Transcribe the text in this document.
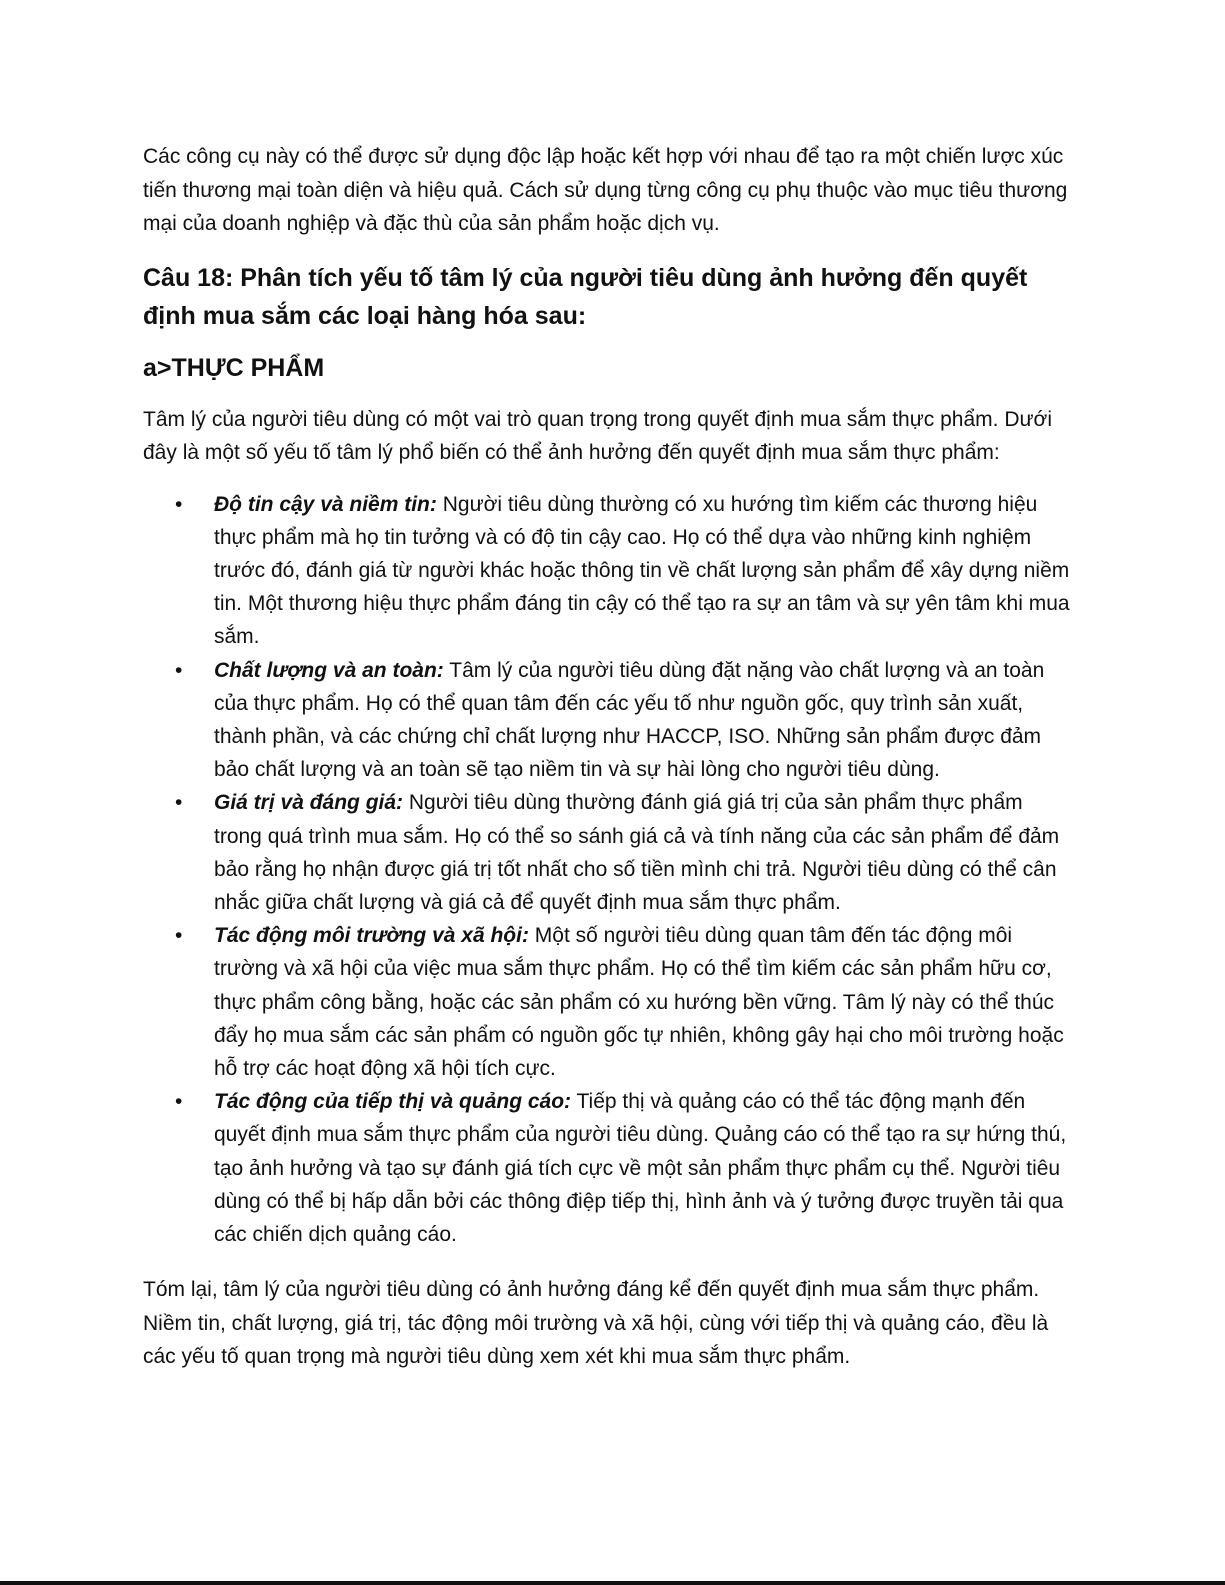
Các công cụ này có thể được sử dụng độc lập hoặc kết hợp với nhau để tạo ra một chiến lược xúc tiến thương mại toàn diện và hiệu quả. Cách sử dụng từng công cụ phụ thuộc vào mục tiêu thương mại của doanh nghiệp và đặc thù của sản phẩm hoặc dịch vụ.

Câu 18: Phân tích yếu tố tâm lý của người tiêu dùng ảnh hưởng đến quyết định mua sắm các loại hàng hóa sau:
a>THỰC PHẨM

Tâm lý của người tiêu dùng có một vai trò quan trọng trong quyết định mua sắm thực phẩm. Dưới đây là một số yếu tố tâm lý phổ biến có thể ảnh hưởng đến quyết định mua sắm thực phẩm:

• Độ tin cậy và niềm tin: Người tiêu dùng thường có xu hướng tìm kiếm các thương hiệu thực phẩm mà họ tin tưởng và có độ tin cậy cao. Họ có thể dựa vào những kinh nghiệm trước đó, đánh giá từ người khác hoặc thông tin về chất lượng sản phẩm để xây dựng niềm tin. Một thương hiệu thực phẩm đáng tin cậy có thể tạo ra sự an tâm và sự yên tâm khi mua sắm.
• Chất lượng và an toàn: Tâm lý của người tiêu dùng đặt nặng vào chất lượng và an toàn của thực phẩm. Họ có thể quan tâm đến các yếu tố như nguồn gốc, quy trình sản xuất, thành phần, và các chứng chỉ chất lượng như HACCP, ISO. Những sản phẩm được đảm bảo chất lượng và an toàn sẽ tạo niềm tin và sự hài lòng cho người tiêu dùng.
• Giá trị và đáng giá: Người tiêu dùng thường đánh giá giá trị của sản phẩm thực phẩm trong quá trình mua sắm. Họ có thể so sánh giá cả và tính năng của các sản phẩm để đảm bảo rằng họ nhận được giá trị tốt nhất cho số tiền mình chi trả. Người tiêu dùng có thể cân nhắc giữa chất lượng và giá cả để quyết định mua sắm thực phẩm.
• Tác động môi trường và xã hội: Một số người tiêu dùng quan tâm đến tác động môi trường và xã hội của việc mua sắm thực phẩm. Họ có thể tìm kiếm các sản phẩm hữu cơ, thực phẩm công bằng, hoặc các sản phẩm có xu hướng bền vững. Tâm lý này có thể thúc đẩy họ mua sắm các sản phẩm có nguồn gốc tự nhiên, không gây hại cho môi trường hoặc hỗ trợ các hoạt động xã hội tích cực.
• Tác động của tiếp thị và quảng cáo: Tiếp thị và quảng cáo có thể tác động mạnh đến quyết định mua sắm thực phẩm của người tiêu dùng. Quảng cáo có thể tạo ra sự hứng thú, tạo ảnh hưởng và tạo sự đánh giá tích cực về một sản phẩm thực phẩm cụ thể. Người tiêu dùng có thể bị hấp dẫn bởi các thông điệp tiếp thị, hình ảnh và ý tưởng được truyền tải qua các chiến dịch quảng cáo.

Tóm lại, tâm lý của người tiêu dùng có ảnh hưởng đáng kể đến quyết định mua sắm thực phẩm. Niềm tin, chất lượng, giá trị, tác động môi trường và xã hội, cùng với tiếp thị và quảng cáo, đều là các yếu tố quan trọng mà người tiêu dùng xem xét khi mua sắm thực phẩm.
